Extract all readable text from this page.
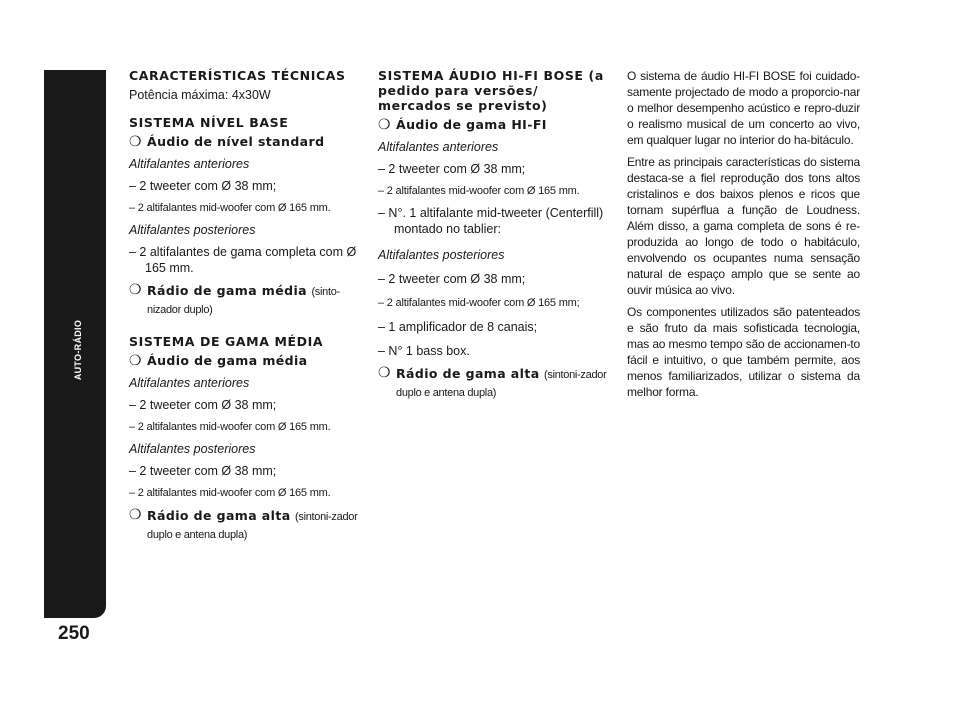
AUTO-RÁDIO
250
CARACTERÍSTICAS TÉCNICAS
Potência máxima: 4x30W
SISTEMA NÍVEL BASE
❍ Áudio de nível standard
Altifalantes anteriores
– 2 tweeter com Ø 38 mm;
– 2 altifalantes mid-woofer com Ø 165 mm.
Altifalantes posteriores
– 2 altifalantes de gama completa com Ø 165 mm.
❍ Rádio de gama média (sinto-nizador duplo)
SISTEMA DE GAMA MÉDIA
❍ Áudio de gama média
Altifalantes anteriores
– 2 tweeter com Ø 38 mm;
– 2 altifalantes mid-woofer com Ø 165 mm.
Altifalantes posteriores
– 2 tweeter com Ø 38 mm;
– 2 altifalantes mid-woofer com Ø 165 mm.
❍ Rádio de gama alta (sintoni-zador duplo e antena dupla)
SISTEMA ÁUDIO HI-FI BOSE (a pedido para versões/ mercados se previsto)
❍ Áudio de gama HI-FI
Altifalantes anteriores
– 2 tweeter com Ø 38 mm;
– 2 altifalantes mid-woofer com Ø 165 mm.
– N°. 1 altifalante mid-tweeter (Centerfill) montado no tablier:
Altifalantes posteriores
– 2 tweeter com Ø 38 mm;
– 2 altifalantes mid-woofer com Ø 165 mm;
– 1 amplificador de 8 canais;
– N° 1 bass box.
❍ Rádio de gama alta (sintoni-zador duplo e antena dupla)

O sistema de áudio HI-FI BOSE foi cuidado-samente projectado de modo a proporcio-nar o melhor desempenho acústico e repro-duzir o realismo musical de um concerto ao vivo, em qualquer lugar no interior do ha-bitáculo.

Entre as principais características do sistema destaca-se a fiel reprodução dos tons altos cristalinos e dos baixos plenos e ricos que tornam supérflua a função de Loudness. Além disso, a gama completa de sons é re-produzida ao longo de todo o habitáculo, envolvendo os ocupantes numa sensação natural de espaço amplo que se sente ao ouvir música ao vivo.

Os componentes utilizados são patenteados e são fruto da mais sofisticada tecnologia, mas ao mesmo tempo são de accionamen-to fácil e intuitivo, o que também permite, aos menos familiarizados, utilizar o sistema da melhor forma.
